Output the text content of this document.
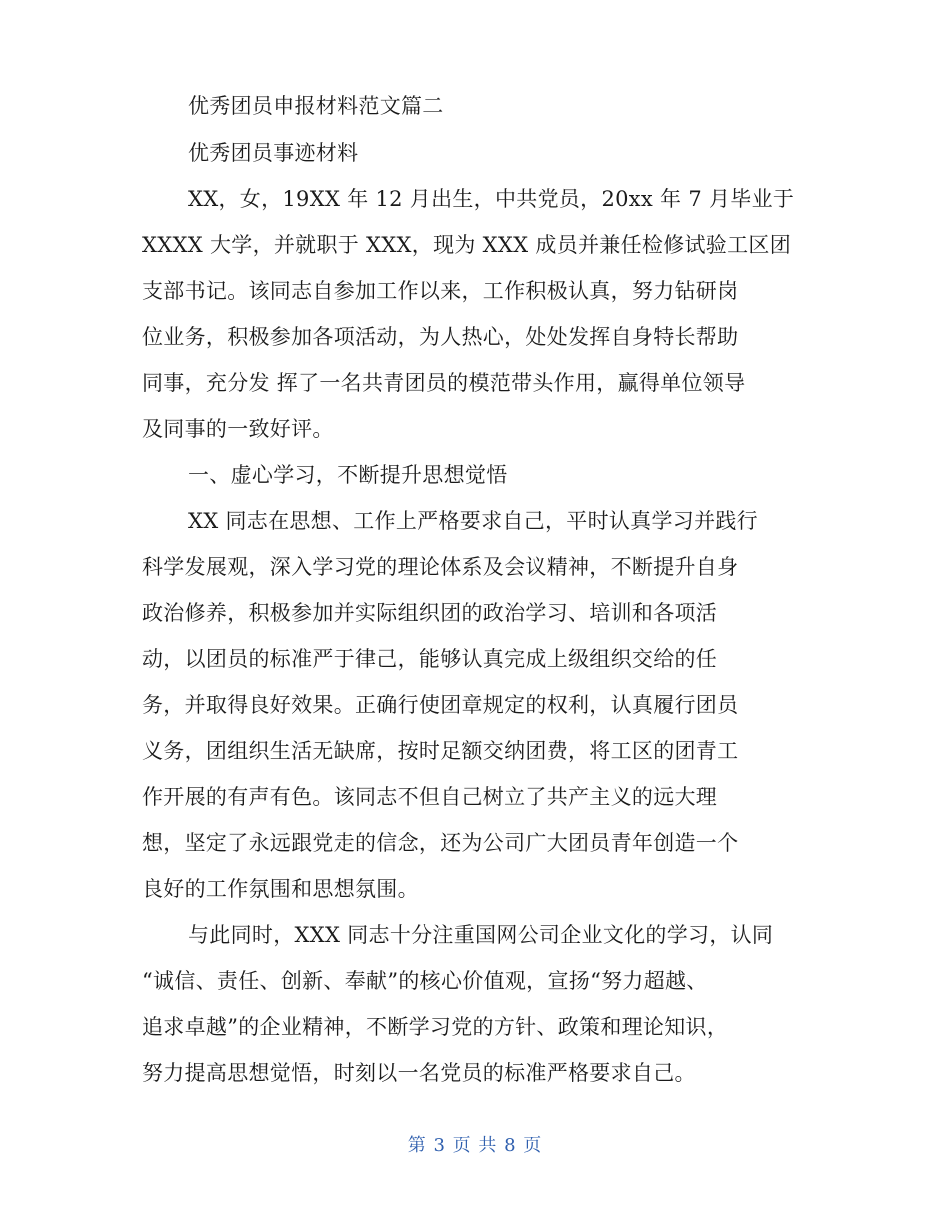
优秀团员申报材料范文篇二
优秀团员事迹材料
XX，女，19XX 年 12 月出生，中共党员，20xx 年 7 月毕业于
XXXX 大学，并就职于 XXX，现为 XXX 成员并兼任检修试验工区团
支部书记。该同志自参加工作以来，工作积极认真，努力钻研岗
位业务，积极参加各项活动，为人热心，处处发挥自身特长帮助
同事，充分发 挥了一名共青团员的模范带头作用，赢得单位领导
及同事的一致好评。
一、虚心学习，不断提升思想觉悟
XX 同志在思想、工作上严格要求自己，平时认真学习并践行
科学发展观，深入学习党的理论体系及会议精神，不断提升自身
政治修养，积极参加并实际组织团的政治学习、培训和各项活
动，以团员的标准严于律己，能够认真完成上级组织交给的任
务，并取得良好效果。正确行使团章规定的权利，认真履行团员
义务，团组织生活无缺席，按时足额交纳团费，将工区的团青工
作开展的有声有色。该同志不但自己树立了共产主义的远大理
想，坚定了永远跟党走的信念，还为公司广大团员青年创造一个
良好的工作氛围和思想氛围。
与此同时，XXX 同志十分注重国网公司企业文化的学习，认同
“诚信、责任、创新、奉献”的核心价值观，宣扬“努力超越、
追求卓越”的企业精神，不断学习党的方针、政策和理论知识，
努力提高思想觉悟，时刻以一名党员的标准严格要求自己。
第 3 页 共 8 页
